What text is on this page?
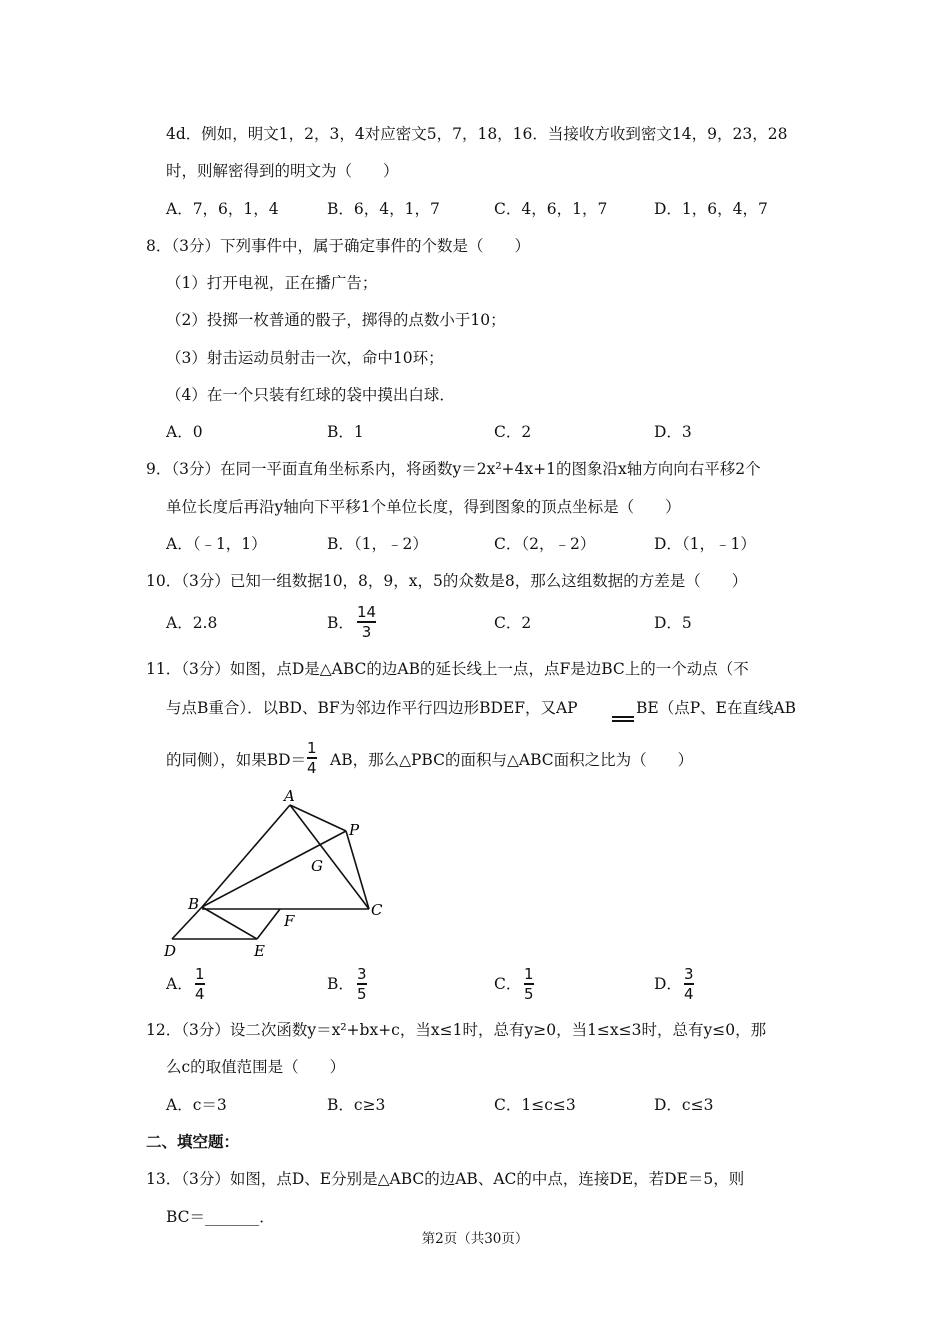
4d．例如，明文1，2，3，4对应密文5，7，18，16．当接收方收到密文14，9，23，28
时，则解密得到的明文为（　　）
A．7，6，1，4	B．6，4，1，7	C．4，6，1，7	D．1，6，4，7
8．（3分）下列事件中，属于确定事件的个数是（　　）
（1）打开电视，正在播广告；
（2）投掷一枚普通的骰子，掷得的点数小于10；
（3）射击运动员射击一次，命中10环；
（4）在一个只装有红球的袋中摸出白球．
A．0	B．1	C．2	D．3
9．（3分）在同一平面直角坐标系内，将函数y＝2x²+4x+1的图象沿x轴方向向右平移2个
单位长度后再沿y轴向下平移1个单位长度，得到图象的顶点坐标是（　　）
A．（﹣1，1）	B．（1，﹣2）	C．（2，﹣2）	D．（1，﹣1）
10．（3分）已知一组数据10，8，9，x，5的众数是8，那么这组数据的方差是（　　）
A．2.8	B．
14
3	C．2	D．5
11．（3分）如图，点D是△ABC的边AB的延长线上一点，点F是边BC上的一个动点（不
与点B重合）．以BD、BF为邻边作平行四边形BDEF，又AP	BE（点P、E在直线AB
的同侧），如果BD＝
1
4 AB，那么△PBC的面积与△ABC面积之比为（　　）
A
P
G
B	C
F
D	E
A．
1
4
B．
3
5
C．
1
5
D．
3
4
12．（3分）设二次函数y＝x²+bx+c，当x≤1时，总有y≥0，当1≤x≤3时，总有y≤0，那
么c的取值范围是（　　）
A．c＝3	B．c≥3	C．1≤c≤3	D．c≤3
二、填空题：
13．（3分）如图，点D、E分别是△ABC的边AB、AC的中点，连接DE，若DE＝5，则
BC＝_______．
第2页（共30页）
